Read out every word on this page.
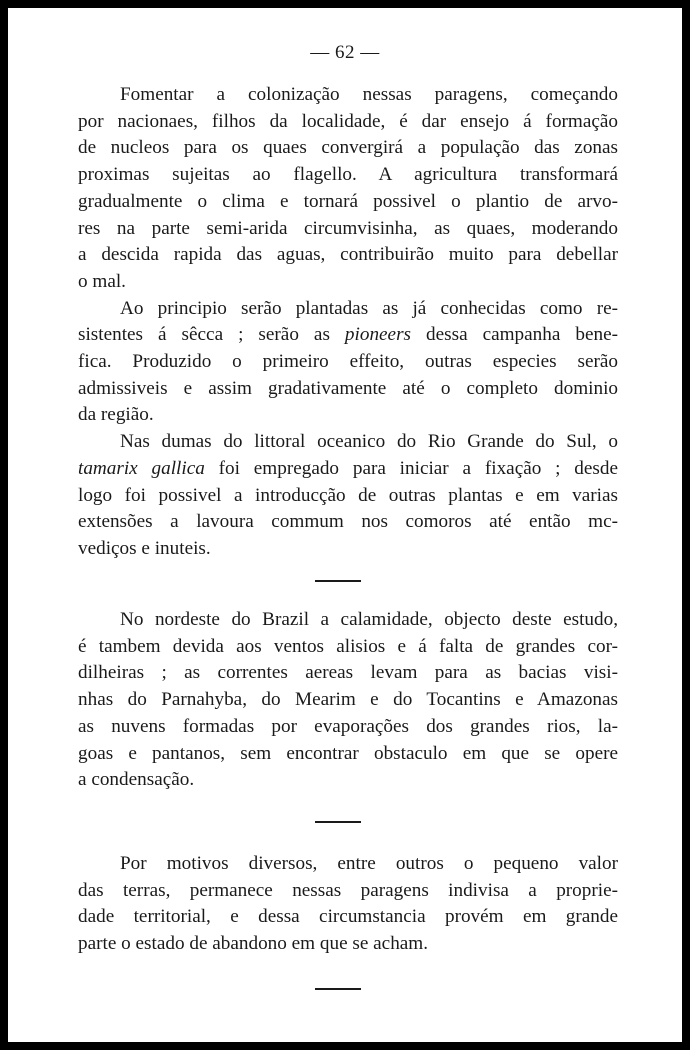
— 62 —
Fomentar a colonização nessas paragens, começando
por nacionaes, filhos da localidade, é dar ensejo á formação
de nucleos para os quaes convergirá a população das zonas
proximas sujeitas ao flagello. A agricultura transformará
gradualmente o clima e tornará possivel o plantio de arvo-
res na parte semi-arida circumvisinha, as quaes, moderando
a descida rapida das aguas, contribuirão muito para debellar
o mal.
Ao principio serão plantadas as já conhecidas como re-
sistentes á sêcca ; serão as pioneers dessa campanha bene-
fica. Produzido o primeiro effeito, outras especies serão
admissiveis e assim gradativamente até o completo dominio
da região.
Nas dumas do littoral oceanico do Rio Grande do Sul, o
tamarix gallica foi empregado para iniciar a fixação ; desde
logo foi possivel a introducção de outras plantas e em varias
extensões a lavoura commum nos comoros até então mc-
vediços e inuteis.
No nordeste do Brazil a calamidade, objecto deste estudo,
é tambem devida aos ventos alisios e á falta de grandes cor-
dilheiras ; as correntes aereas levam para as bacias visi-
nhas do Parnahyba, do Mearim e do Tocantins e Amazonas
as nuvens formadas por evaporações dos grandes rios, la-
goas e pantanos, sem encontrar obstaculo em que se opere
a condensação.
Por motivos diversos, entre outros o pequeno valor
das terras, permanece nessas paragens indivisa a proprie-
dade territorial, e dessa circumstancia provém em grande
parte o estado de abandono em que se acham.
